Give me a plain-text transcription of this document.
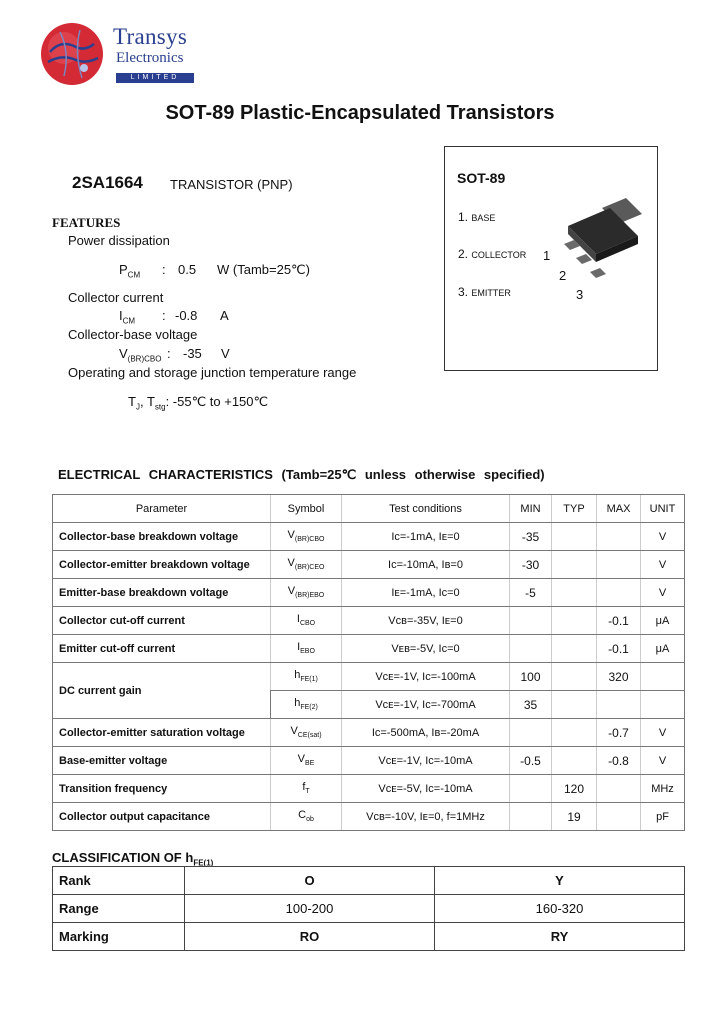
Transys
Electronics
LIMITED
SOT-89 Plastic-Encapsulated Transistors
2SA1664 TRANSISTOR (PNP)	SOT-89
1. BASE
2. COLLECTOR
3. EMITTER
1
2
3
FEATURES
Power dissipation
$P_{CM}$ : 0.5 W (Tamb=25℃)
Collector current
$I_{CM}$ : -0.8 A
Collector-base voltage
$V_{(BR)CBO}$ : -35 V
Operating and storage junction temperature range
$T_J$, $T_{stg}$: -55℃ to +150℃
ELECTRICAL CHARACTERISTICS (Tamb=25℃ unless otherwise specified)
Parameter	Symbol	Test conditions	MIN	TYP	MAX	UNIT
Collector-base breakdown voltage	$V_{(BR)CBO}$	Iᴄ=-1mA, Iᴇ=0	-35			V
Collector-emitter breakdown voltage	$V_{(BR)CEO}$	Iᴄ=-10mA, Iʙ=0	-30			V
Emitter-base breakdown voltage	$V_{(BR)EBO}$	Iᴇ=-1mA, Iᴄ=0	-5			V
Collector cut-off current	$I_{CBO}$	Vᴄʙ=-35V, Iᴇ=0			-0.1	μA
Emitter cut-off current	$I_{EBO}$	Vᴇʙ=-5V, Iᴄ=0			-0.1	μA
DC current gain	$h_{FE(1)}$	Vᴄᴇ=-1V, Iᴄ=-100mA	100		320	
	$h_{FE(2)}$	Vᴄᴇ=-1V, Iᴄ=-700mA	35			
Collector-emitter saturation voltage	$V_{CE(sat)}$	Iᴄ=-500mA, Iʙ=-20mA			-0.7	V
Base-emitter voltage	$V_{BE}$	Vᴄᴇ=-1V, Iᴄ=-10mA	-0.5		-0.8	V
Transition frequency	$f_T$	Vᴄᴇ=-5V, Iᴄ=-10mA		120		MHz
Collector output capacitance	$C_{ob}$	Vᴄʙ=-10V, Iᴇ=0, f=1MHz		19		pF
CLASSIFICATION OF $h_{FE(1)}$
Rank	O	Y
Range	100-200	160-320
Marking	RO	RY
